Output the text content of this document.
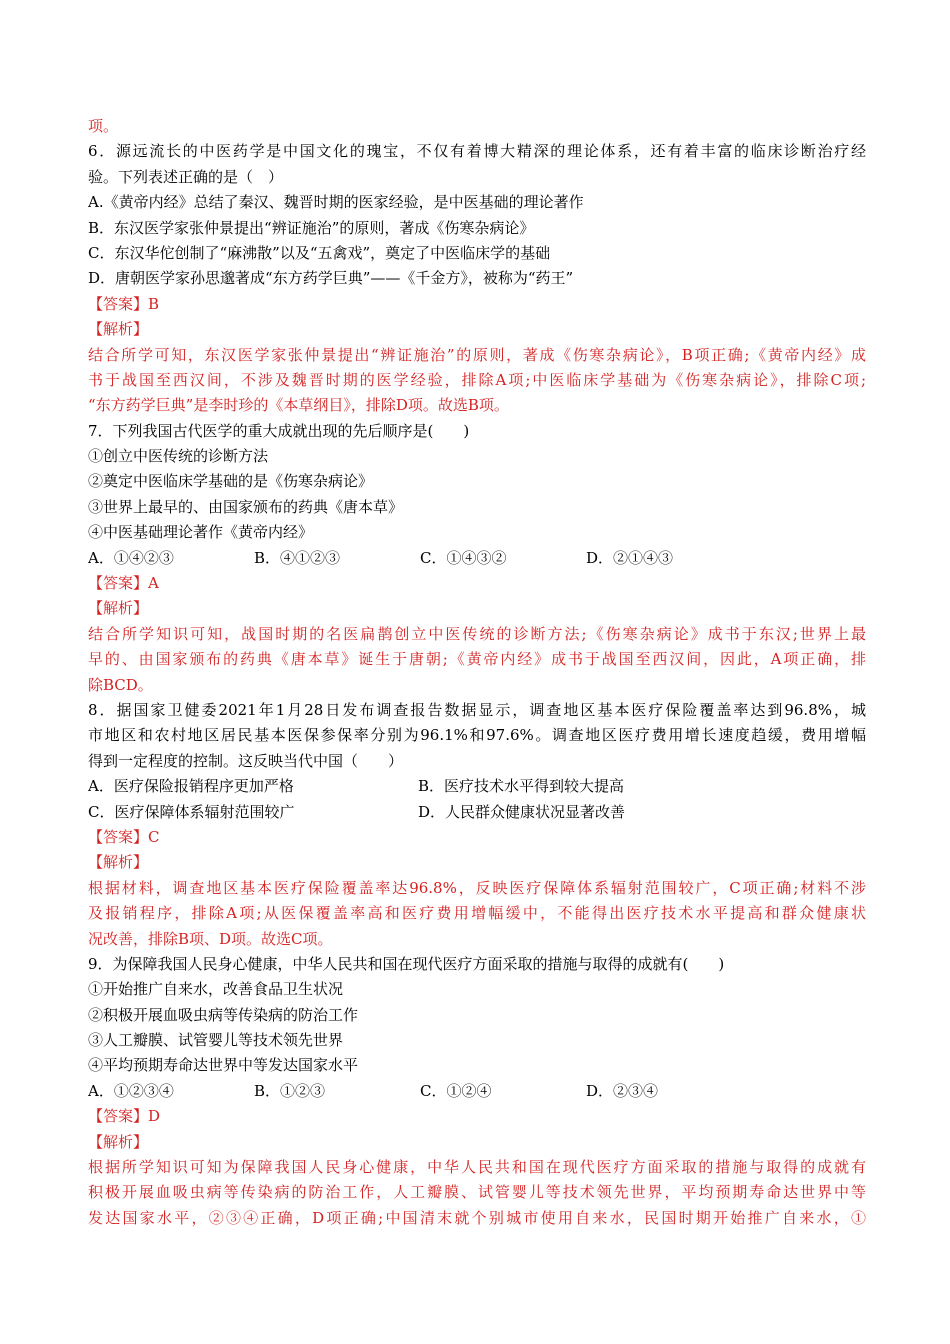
项。
6．源远流长的中医药学是中国文化的瑰宝，不仅有着博大精深的理论体系，还有着丰富的临床诊断治疗经
验。下列表述正确的是（　）
A.《黄帝内经》总结了秦汉、魏晋时期的医家经验，是中医基础的理论著作
B．东汉医学家张仲景提出“辨证施治”的原则，著成《伤寒杂病论》
C．东汉华佗创制了“麻沸散”以及“五禽戏”，奠定了中医临床学的基础
D．唐朝医学家孙思邈著成“东方药学巨典”——《千金方》，被称为“药王”
【答案】B
【解析】
结合所学可知，东汉医学家张仲景提出“辨证施治”的原则，著成《伤寒杂病论》，B项正确;《黄帝内经》成
书于战国至西汉间，不涉及魏晋时期的医学经验，排除A项;中医临床学基础为《伤寒杂病论》，排除C项;
“东方药学巨典”是李时珍的《本草纲目》，排除D项。故选B项。
7．下列我国古代医学的重大成就出现的先后顺序是(　　)
①创立中医传统的诊断方法
②奠定中医临床学基础的是《伤寒杂病论》
③世界上最早的、由国家颁布的药典《唐本草》
④中医基础理论著作《黄帝内经》
A．①④②③	B．④①②③	C．①④③②	D．②①④③
【答案】A
【解析】
结合所学知识可知，战国时期的名医扁鹊创立中医传统的诊断方法;《伤寒杂病论》成书于东汉;世界上最
早的、由国家颁布的药典《唐本草》诞生于唐朝;《黄帝内经》成书于战国至西汉间，因此，A项正确，排
除BCD。
8．据国家卫健委2021年1月28日发布调查报告数据显示，调查地区基本医疗保险覆盖率达到96.8%，城
市地区和农村地区居民基本医保参保率分别为96.1%和97.6%。调查地区医疗费用增长速度趋缓，费用增幅
得到一定程度的控制。这反映当代中国（　　）
A．医疗保险报销程序更加严格	B．医疗技术水平得到较大提高
C．医疗保障体系辐射范围较广	D．人民群众健康状况显著改善
【答案】C
【解析】
根据材料，调查地区基本医疗保险覆盖率达96.8%，反映医疗保障体系辐射范围较广，C项正确;材料不涉
及报销程序，排除A项;从医保覆盖率高和医疗费用增幅缓中，不能得出医疗技术水平提高和群众健康状
况改善，排除B项、D项。故选C项。
9．为保障我国人民身心健康，中华人民共和国在现代医疗方面采取的措施与取得的成就有(　　)
①开始推广自来水，改善食品卫生状况
②积极开展血吸虫病等传染病的防治工作
③人工瓣膜、试管婴儿等技术领先世界
④平均预期寿命达世界中等发达国家水平
A．①②③④	B．①②③	C．①②④	D．②③④
【答案】D
【解析】
根据所学知识可知为保障我国人民身心健康，中华人民共和国在现代医疗方面采取的措施与取得的成就有
积极开展血吸虫病等传染病的防治工作，人工瓣膜、试管婴儿等技术领先世界，平均预期寿命达世界中等
发达国家水平，②③④正确，D项正确;中国清末就个别城市使用自来水，民国时期开始推广自来水，①
